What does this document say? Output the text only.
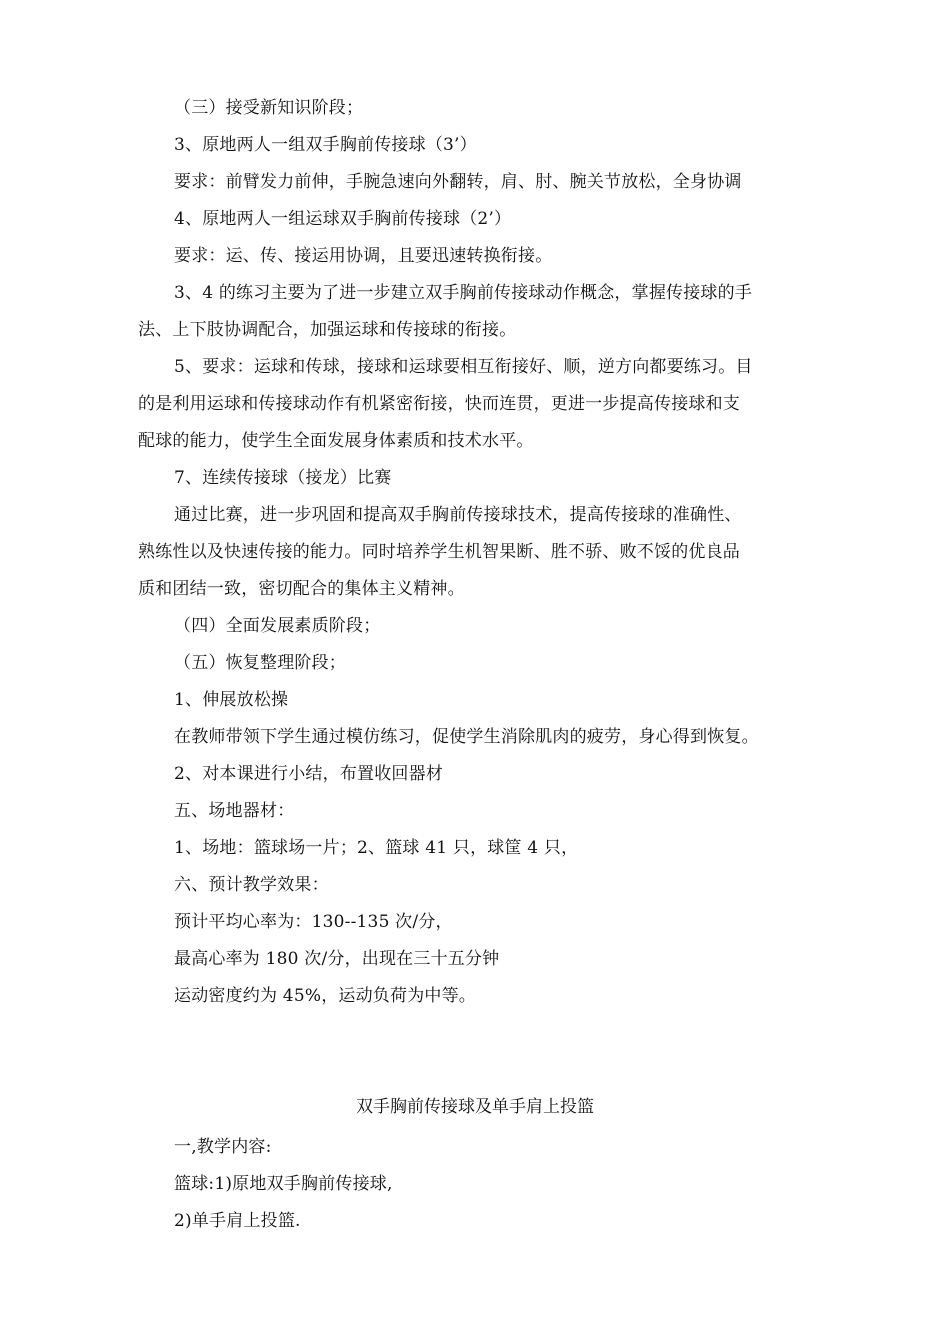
（三）接受新知识阶段；
3、原地两人一组双手胸前传接球（3’）
要求：前臂发力前伸，手腕急速向外翻转，肩、肘、腕关节放松，全身协调
4、原地两人一组运球双手胸前传接球（2’）
要求：运、传、接运用协调，且要迅速转换衔接。
3、4 的练习主要为了进一步建立双手胸前传接球动作概念，掌握传接球的手
法、上下肢协调配合，加强运球和传接球的衔接。
5、要求：运球和传球，接球和运球要相互衔接好、顺，逆方向都要练习。目
的是利用运球和传接球动作有机紧密衔接，快而连贯，更进一步提高传接球和支
配球的能力，使学生全面发展身体素质和技术水平。
7、连续传接球（接龙）比赛
通过比赛，进一步巩固和提高双手胸前传接球技术，提高传接球的准确性、
熟练性以及快速传接的能力。同时培养学生机智果断、胜不骄、败不馁的优良品
质和团结一致，密切配合的集体主义精神。
（四）全面发展素质阶段；
（五）恢复整理阶段；
1、伸展放松操
在教师带领下学生通过模仿练习，促使学生消除肌肉的疲劳，身心得到恢复。
2、对本课进行小结，布置收回器材
五、场地器材：
1、场地：篮球场一片；2、篮球 41 只，球筐 4 只，
六、预计教学效果：
预计平均心率为：130--135 次/分，
最高心率为 180 次/分，出现在三十五分钟
运动密度约为 45%，运动负荷为中等。
双手胸前传接球及单手肩上投篮
一,教学内容:
篮球:1)原地双手胸前传接球,
2)单手肩上投篮.
